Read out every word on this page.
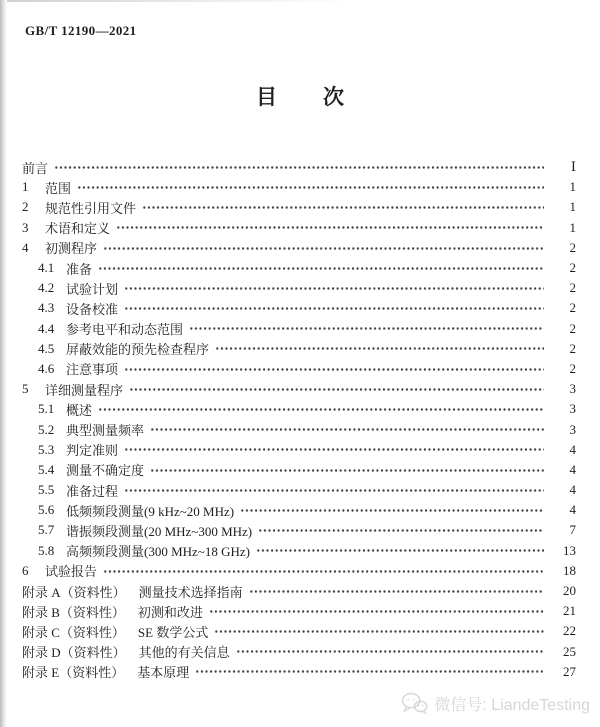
GB/T 12190—2021
目 次
前言	Ⅰ
1	范围	1
2	规范性引用文件	1
3	术语和定义	1
4	初测程序	2
4.1 准备	2
4.2 试验计划	2
4.3 设备校准	2
4.4 参考电平和动态范围	2
4.5 屏蔽效能的预先检查程序	2
4.6 注意事项	2
5	详细测量程序	3
5.1 概述	3
5.2 典型测量频率	3
5.3 判定准则	4
5.4 测量不确定度	4
5.5 准备过程	4
5.6 低频频段测量(9 kHz~20 MHz)	4
5.7 谐振频段测量(20 MHz~300 MHz)	7
5.8 高频频段测量(300 MHz~18 GHz)	13
6	试验报告	18
附录 A（资料性） 测量技术选择指南	20
附录 B（资料性） 初测和改进	21
附录 C（资料性） SE 数学公式	22
附录 D（资料性） 其他的有关信息	25
附录 E（资料性） 基本原理	27
微信号: LiandeTesting
